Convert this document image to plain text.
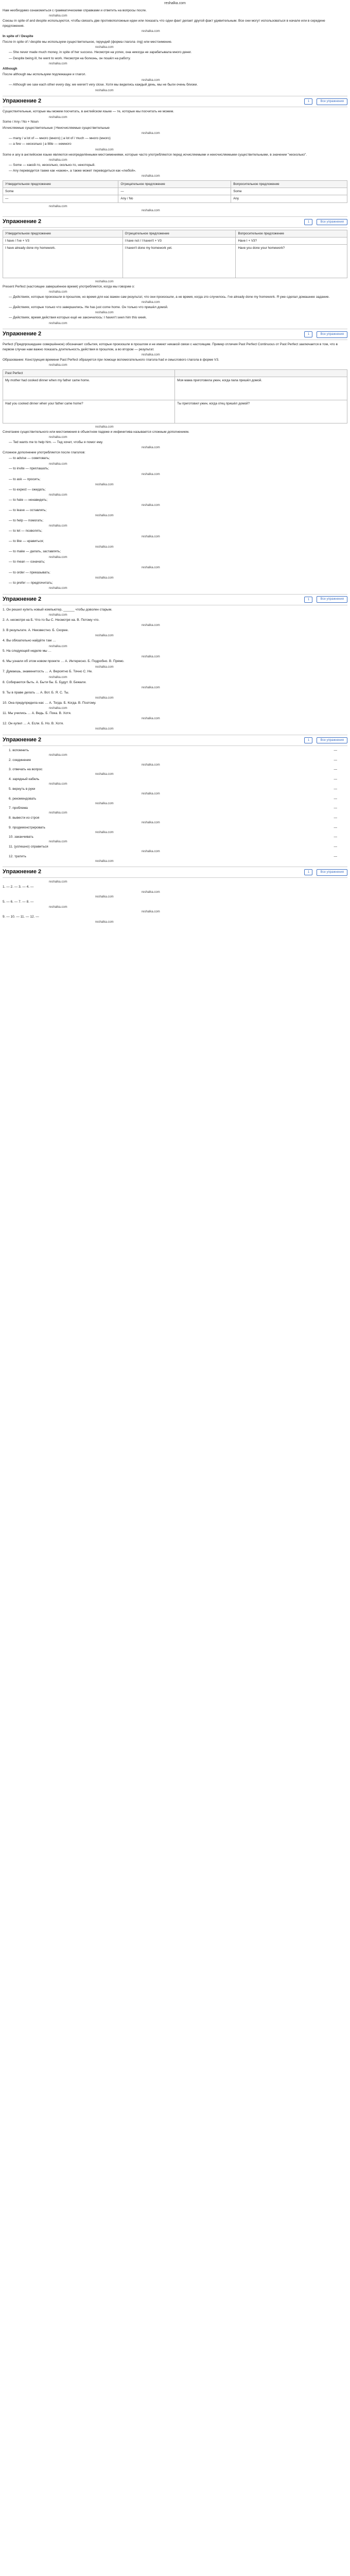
reshalka.com

Нам необходимо ознакомиться с грамматическими справками и ответить на вопросы после.

reshalka.com

Союзы in spite of and despite используются, чтобы связать две противоположные идеи или показать что одни факт делает другой факт удивительным. Все они могут использоваться в начале или в середине предложения.

reshalka.com

In spite of / Despite

После in spite of / despite мы используем существительное, герундий (форма глагола -ing) или местоимение.

reshalka.com

— She never made much money, in spite of her success. Несмотря на успех, она никогда не зарабатывала много денег.

— Despite being ill, he went to work. Несмотря на болезнь, он пошёл на работу.

reshalka.com

Although

После although мы используем подлежащее и глагол.

reshalka.com

— Although we saw each other every day, we weren't very close. Хотя мы виделись каждый день, мы не были очень близки.

reshalka.com
Упражнение 2	1	Все упражнения

Существительные, которые мы можем посчитать, в английском языке — те, которые мы посчитать не можем.

reshalka.com

Some / Any / No + Noun

Исчисляемые существительные | Неисчисляемые существительные

reshalka.com

— many / a lot of — много (много) | a lot of / much — много (много)

— a few — несколько | a little — немного

reshalka.com

Some и any в английском языке являются неопределёнными местоимениями, которые часто употребляются перед исчисляемыми и неисчисляемыми существительными, в значении "несколько".

reshalka.com

— Some — какой-то, несколько, сколько-то, некоторый.

— Any переводится также как «какие», а также может переводиться как «любой».

reshalka.com
Утвердительное предложение	Отрицательное предложение	Вопросительное предложение
Some	—	Some
—	Any / No	Any
reshalka.com
reshalka.com
Упражнение 2	1	Все упражнения
Утвердительное предложение	Отрицательное предложение	Вопросительное предложение
I have / I've + V3	I have not / I haven't + V3	Have I + V3?
I have already done my homework.	I haven't done my homework yet.	Have you done your homework?
reshalka.com

Present Perfect (настоящее завершённое время) употребляется, когда мы говорим о:

reshalka.com

— Действиях, которые произошли в прошлом, но время для нас важен сам результат, что они произошли, а не время, когда это случилось. I've already done my homework. Я уже сделал домашнее задание.

reshalka.com

— Действиях, которые только что завершились. He has just come home. Он только что пришёл домой.

reshalka.com

— Действиях, время действия которых ещё не закончилось: I haven't seen him this week.

reshalka.com
Упражнение 2	1	Все упражнения

Perfect (Предпрошедшее совершённое) обозначает события, которые произошли в прошлом и не имеют никакой связи с настоящим. Пример отличия Past Perfect Continuous от Past Perfect заключается в том, что в первом случае нам важно показать длительность действия в прошлом, а во втором — результат.

reshalka.com

Образование: Конструкция времени Past Perfect образуется при помощи вспомогательного глагола had и смыслового глагола в форме V3.

reshalka.com
Past Perfect	
My mother had cooked dinner when my father came home.	Моя мама приготовила ужин, когда папа пришёл домой.
Had you cooked dinner when your father came home?	Ты приготовил ужин, когда отец пришёл домой?
reshalka.com

Сочетание существительного или местоимения в объектном падеже и инфинитива называется сложным дополнением.

reshalka.com

— Ted wants me to help him. — Тед хочет, чтобы я помог ему.

reshalka.com

Сложное дополнение употребляется после глаголов:

— to advise — советовать;

reshalka.com

— to invite — приглашать;

reshalka.com

— to ask — просить;

reshalka.com

— to expect — ожидать;

reshalka.com

— to hate — ненавидеть;

reshalka.com

— to leave — оставлять;

reshalka.com

— to help — помогать;

reshalka.com

— to let — позволять;

reshalka.com

— to like — нравиться;

reshalka.com

— to make — делать, заставлять;

reshalka.com

— to mean — означать;

reshalka.com

— to order — приказывать;

reshalka.com

— to prefer — предпочитать;

reshalka.com
Упражнение 2	1	Все упражнения

1. Он решил купить новый компьютер, ______ чтобы доволен старым.

reshalka.com

2. А. несмотря на Б. Что-то бы С. Несмотря на. В. Потому что.

reshalka.com

3. В результате. А. Неизвестно. Б. Скорее.

reshalka.com

4. Вы обязательно найдёте там …

reshalka.com

5. На следующей неделе мы …

reshalka.com

6. Мы узнали об этом новом проекте … А. Интересно. Б. Подробно. В. Прямо.

reshalka.com

7. Думаешь, знаменитость … А. Вероятно Б. Точно С. Не.

reshalka.com

8. Собираются быть. А. Быти бы. Б. Будут. В. Бежали.

reshalka.com

9. Ты в праве делать … А. Вот. Б. Я. С. Ты.

reshalka.com

10. Она предупредила нас … А. Тогда. Б. Когда. В. Поэтому.

reshalka.com

11. Мы учились … А. Ведь. Б. Пока. В. Хотя.

reshalka.com

12. Он купил … А. Если. Б. Но. В. Хотя.

reshalka.com
Упражнение 2	1	Все упражнения
1. вспомнить	—
reshalka.com
2. соединение	—
reshalka.com
3. отвечать на вопрос	—
reshalka.com
4. зарядный кабель	—
reshalka.com
5. вернуть в руки	—
reshalka.com
6. рекомендовать	—
reshalka.com
7. проблема	—
reshalka.com
8. вывести из строя	—
reshalka.com
9. продемонстрировать	—
reshalka.com
10. заканчивать	—
reshalka.com
11. (успешно) справиться	—
reshalka.com
12. тратить	—
reshalka.com
Упражнение 2	1	Все упражнения
reshalka.com

1. — 2. — 3. — 4. —

reshalka.com
reshalka.com

5. — 6. — 7. — 8. —

reshalka.com
reshalka.com

9. — 10. — 11. — 12. —

reshalka.com
